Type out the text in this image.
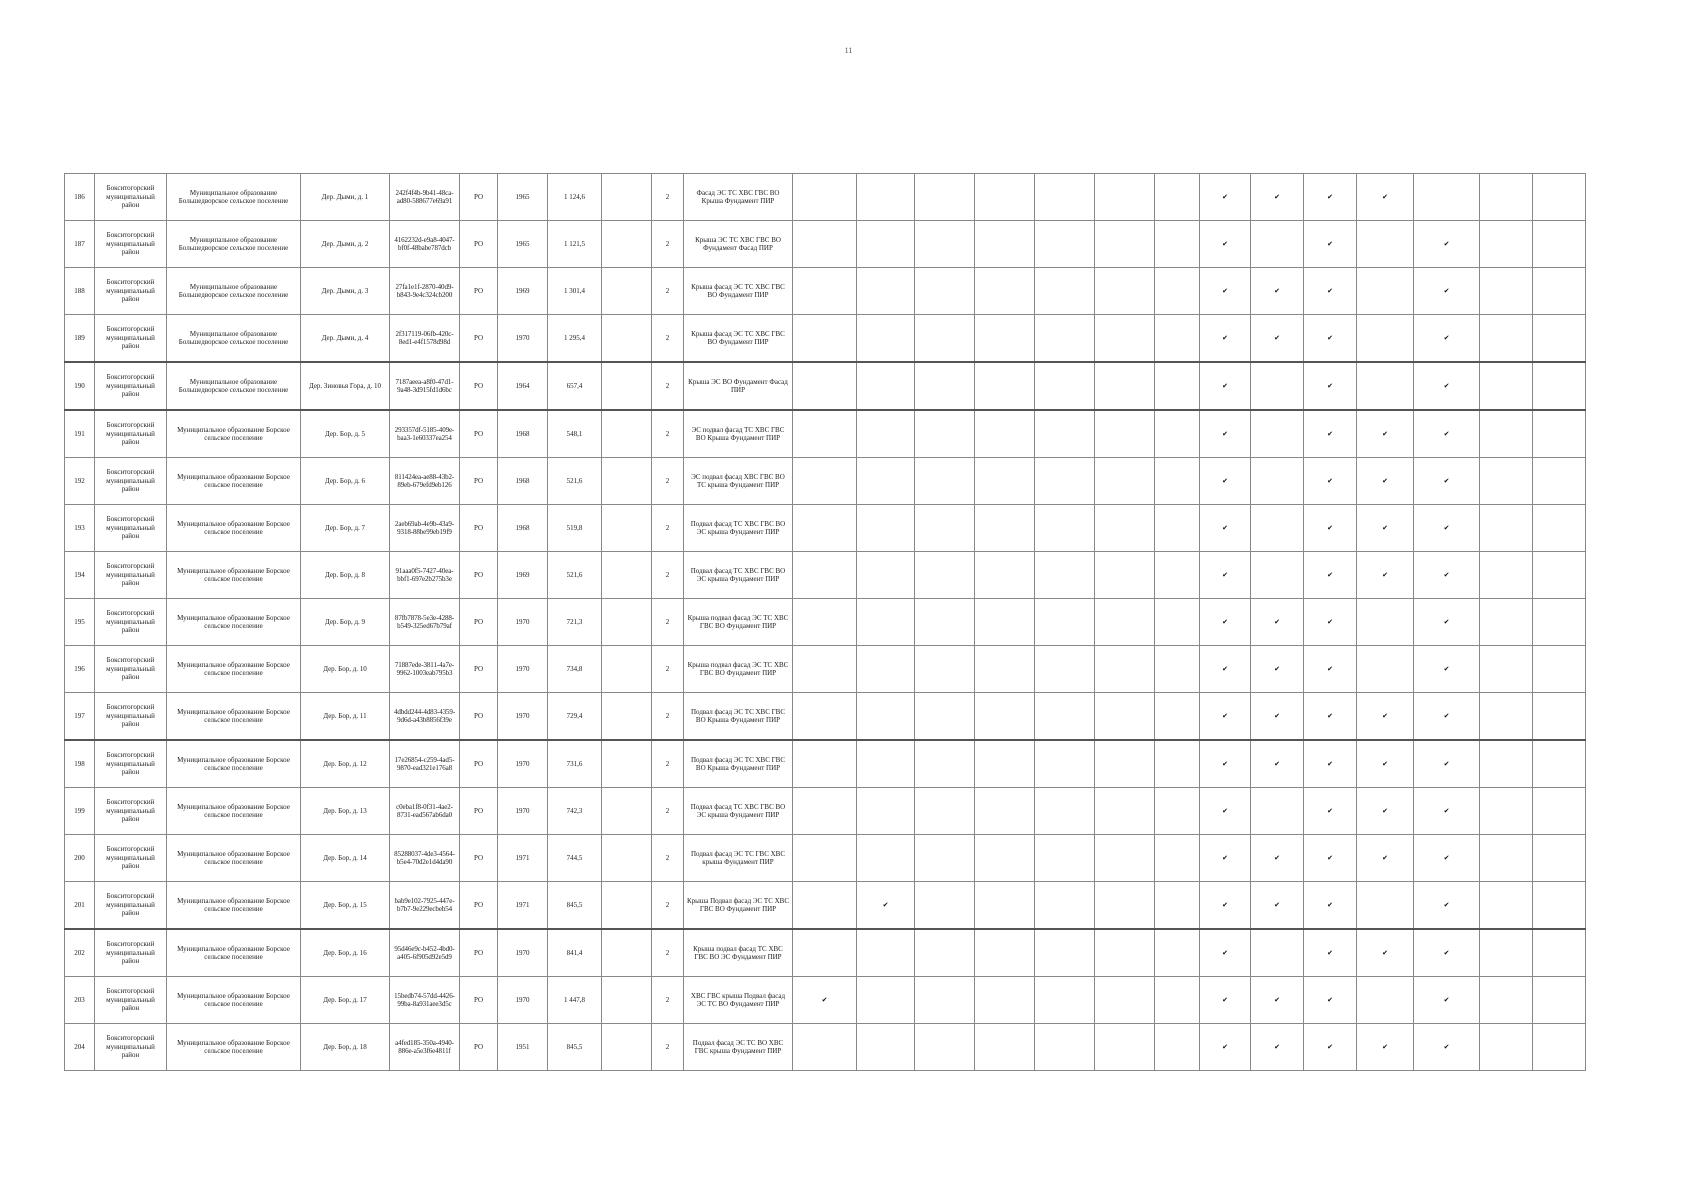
11
186	Бокситогорский муниципальный район	Муниципальное образование Большедворское сельское поселение	Дер. Дыми, д. 1	242f4f4b-9b41-48ca-ad80-588677e69a91	РО	1965	1 124,6		2	Фасад ЭС ТС ХВС ГВС ВО Крыша Фундамент ПИР								✔	✔	✔	✔			
187	Бокситогорский муниципальный район	Муниципальное образование Большедворское сельское поселение	Дер. Дыми, д. 2	4162232d-e9a8-4047-bf0f-48babe787dcb	РО	1965	1 121,5		2	Крыша ЭС ТС ХВС ГВС ВО Фундамент Фасад ПИР								✔		✔		✔		
188	Бокситогорский муниципальный район	Муниципальное образование Большедворское сельское поселение	Дер. Дыми, д. 3	27fa1e1f-2870-40d9-b843-9e4c324cb200	РО	1969	1 301,4		2	Крыша фасад ЭС ТС ХВС ГВС ВО Фундамент ПИР								✔	✔	✔		✔		
189	Бокситогорский муниципальный район	Муниципальное образование Большедворское сельское поселение	Дер. Дыми, д. 4	2f317119-06fb-420c-8ed1-e4f1578d98d	РО	1970	1 295,4		2	Крыша фасад ЭС ТС ХВС ГВС ВО Фундамент ПИР								✔	✔	✔		✔		
190	Бокситогорский муниципальный район	Муниципальное образование Большедворское сельское поселение	Дер. Зиновья Гора, д. 10	7187aeea-a8f0-47d1-9a48-3d915fd1d6bc	РО	1964	657,4		2	Крыша ЭС ВО Фундамент Фасад ПИР								✔		✔		✔		
191	Бокситогорский муниципальный район	Муниципальное образование Борское сельское поселение	Дер. Бор, д. 5	293357df-5185-409e-baa3-1e60337ea254	РО	1968	548,1		2	ЭС подвал фасад ТС ХВС ГВС ВО Крыша Фундамент ПИР								✔		✔	✔	✔		
192	Бокситогорский муниципальный район	Муниципальное образование Борское сельское поселение	Дер. Бор, д. 6	811424ea-ae88-43b2-89eb-679efd9eb126	РО	1968	521,6		2	ЭС подвал фасад ХВС ГВС ВО ТС крыша Фундамент ПИР								✔		✔	✔	✔		
193	Бокситогорский муниципальный район	Муниципальное образование Борское сельское поселение	Дер. Бор, д. 7	2aeb69ab-4e9b-43a9-9318-88be99eb19f9	РО	1968	519,8		2	Подвал фасад ТС ХВС ГВС ВО ЭС крыша Фундамент ПИР								✔		✔	✔	✔		
194	Бокситогорский муниципальный район	Муниципальное образование Борское сельское поселение	Дер. Бор, д. 8	91aaa0f5-7427-40ea-bbf1-697e2b275b3e	РО	1969	521,6		2	Подвал фасад ТС ХВС ГВС ВО ЭС крыша Фундамент ПИР								✔		✔	✔	✔		
195	Бокситогорский муниципальный район	Муниципальное образование Борское сельское поселение	Дер. Бор, д. 9	87fb7878-5e3e-4288-b549-325ed67b79af	РО	1970	721,3		2	Крыша подвал фасад ЭС ТС ХВС ГВС ВО Фундамент ПИР								✔	✔	✔		✔		
196	Бокситогорский муниципальный район	Муниципальное образование Борское сельское поселение	Дер. Бор, д. 10	71887ede-3811-4a7e-9962-1003eab795b3	РО	1970	734,8		2	Крыша подвал фасад ЭС ТС ХВС ГВС ВО Фундамент ПИР								✔	✔	✔		✔		
197	Бокситогорский муниципальный район	Муниципальное образование Борское сельское поселение	Дер. Бор, д. 11	4dbdd244-4d83-4359-9d6d-a43b8856f39e	РО	1970	729,4		2	Подвал фасад ЭС ТС ХВС ГВС ВО Крыша Фундамент ПИР								✔	✔	✔	✔	✔		
198	Бокситогорский муниципальный район	Муниципальное образование Борское сельское поселение	Дер. Бор, д. 12	17e26854-c259-4ad5-9870-ead321e176a8	РО	1970	731,6		2	Подвал фасад ЭС ТС ХВС ГВС ВО Крыша Фундамент ПИР								✔	✔	✔	✔	✔		
199	Бокситогорский муниципальный район	Муниципальное образование Борское сельское поселение	Дер. Бор, д. 13	c0eba1f8-0f31-4ae2-8731-ead567ab6da0	РО	1970	742,3		2	Подвал фасад ТС ХВС ГВС ВО ЭС крыша Фундамент ПИР								✔		✔	✔	✔		
200	Бокситогорский муниципальный район	Муниципальное образование Борское сельское поселение	Дер. Бор, д. 14	85288037-4de3-4564-b5e4-70d2e1d4da90	РО	1971	744,5		2	Подвал фасад ЭС ТС ГВС ХВС крыша Фундамент ПИР								✔	✔	✔	✔	✔		
201	Бокситогорский муниципальный район	Муниципальное образование Борское сельское поселение	Дер. Бор, д. 15	bab9e102-7925-447e-b7b7-9e229ecbeb54	РО	1971	845,5		2	Крыша Подвал фасад ЭС ТС ХВС ГВС ВО Фундамент ПИР		✔						✔	✔	✔		✔		
202	Бокситогорский муниципальный район	Муниципальное образование Борское сельское поселение	Дер. Бор, д. 16	95d46e9c-b452-4bd0-a405-6f905d92e5d9	РО	1970	841,4		2	Крыша подвал фасад ТС ХВС ГВС ВО ЭС Фундамент ПИР								✔		✔	✔	✔		
203	Бокситогорский муниципальный район	Муниципальное образование Борское сельское поселение	Дер. Бор, д. 17	15bedb74-57dd-4426-99ba-8a931aee3d5c	РО	1970	1 447,8		2	ХВС ГВС крыша Подвал фасад ЭС ТС ВО Фундамент ПИР	✔							✔	✔	✔		✔		
204	Бокситогорский муниципальный район	Муниципальное образование Борское сельское поселение	Дер. Бор, д. 18	a4fed185-350a-4940-886e-a5e3f6e4811f	РО	1951	845,5		2	Подвал фасад ЭС ТС ВО ХВС ГВС крыша Фундамент ПИР								✔	✔	✔	✔	✔		
